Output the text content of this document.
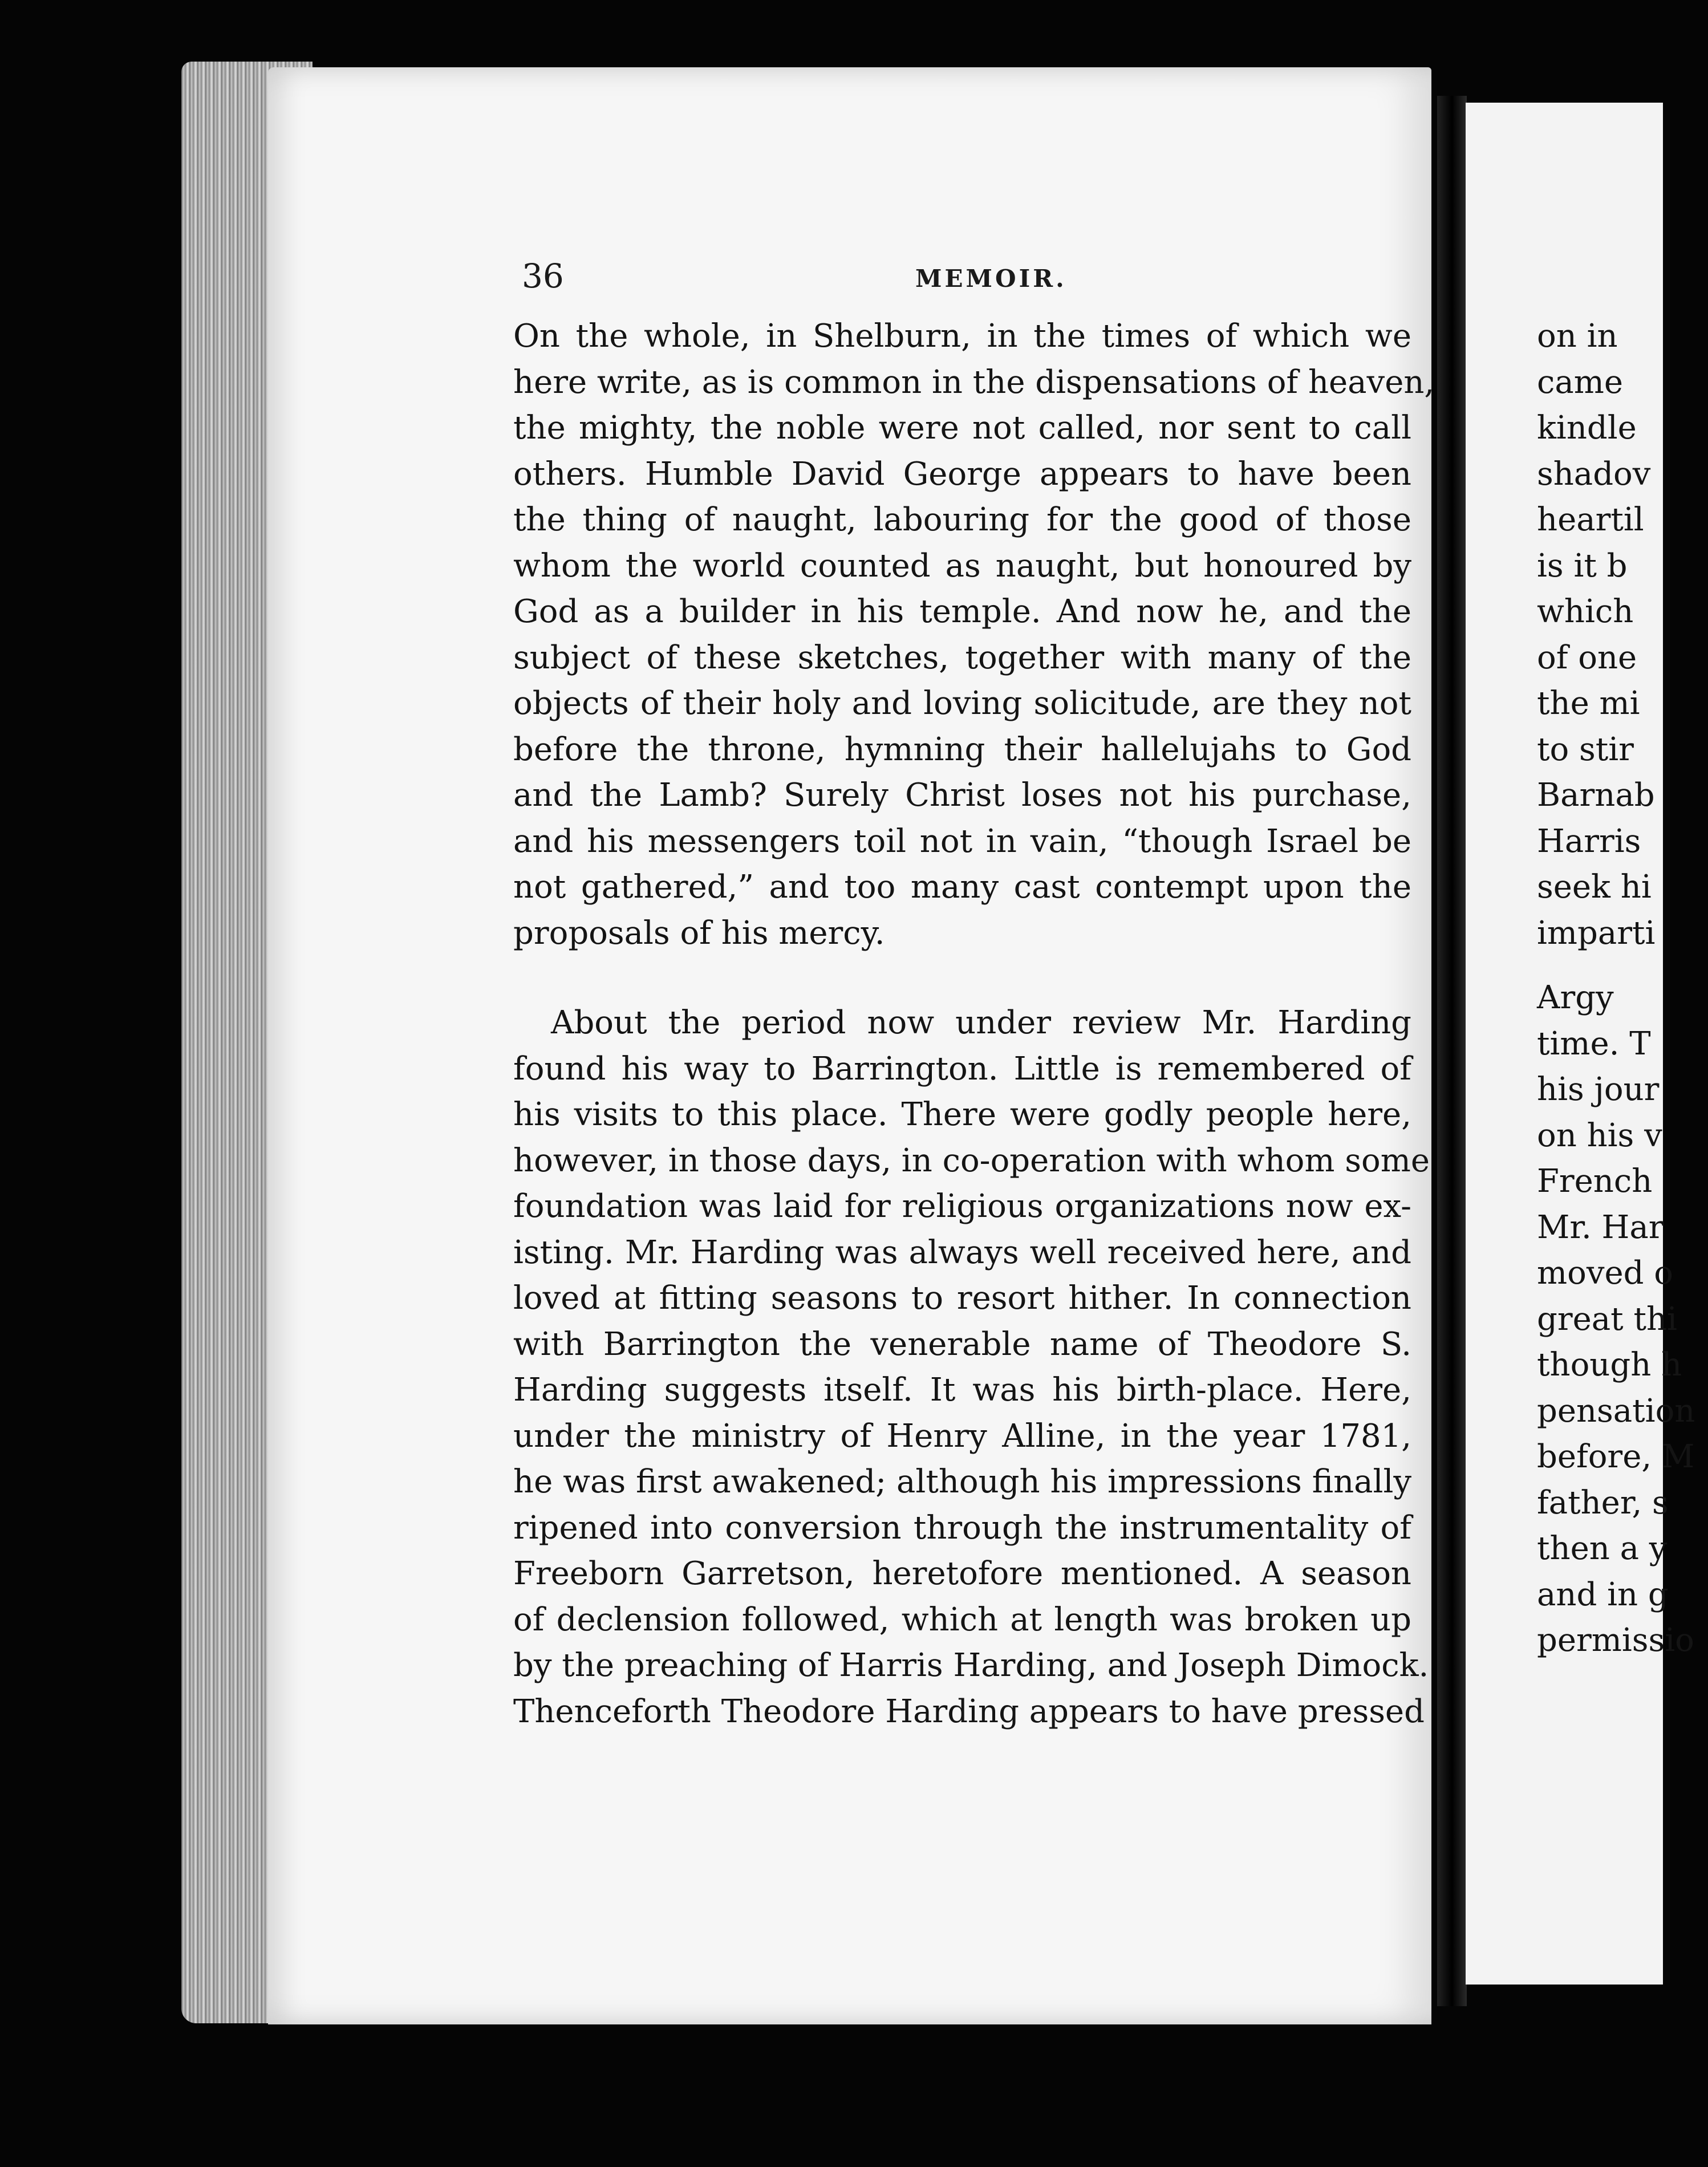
on in
came
kindle
shadov
heartil
is it b
which
of one
the mi
to stir
Barnab
Harris
seek hi
imparti
Argy
time. T
his jour
on his v
French
Mr. Har
moved o
great thi
though h
pensation
before, M
father, s
then a y
and in g
permissio
36	MEMOIR.
On the whole, in Shelburn, in the times of which we
here write, as is common in the dispensations of heaven,
the mighty, the noble were not called, nor sent to call
others. Humble David George appears to have been
the thing of naught, labouring for the good of those
whom the world counted as naught, but honoured by
God as a builder in his temple. And now he, and the
subject of these sketches, together with many of the
objects of their holy and loving solicitude, are they not
before the throne, hymning their hallelujahs to God
and the Lamb? Surely Christ loses not his purchase,
and his messengers toil not in vain, “though Israel be
not gathered,” and too many cast contempt upon the
proposals of his mercy.
About the period now under review Mr. Harding
found his way to Barrington. Little is remembered of
his visits to this place. There were godly people here,
however, in those days, in co-operation with whom some
foundation was laid for religious organizations now ex-
isting. Mr. Harding was always well received here, and
loved at fitting seasons to resort hither. In connection
with Barrington the venerable name of Theodore S.
Harding suggests itself. It was his birth-place. Here,
under the ministry of Henry Alline, in the year 1781,
he was first awakened; although his impressions finally
ripened into conversion through the instrumentality of
Freeborn Garretson, heretofore mentioned. A season
of declension followed, which at length was broken up
by the preaching of Harris Harding, and Joseph Dimock.
Thenceforth Theodore Harding appears to have pressed
